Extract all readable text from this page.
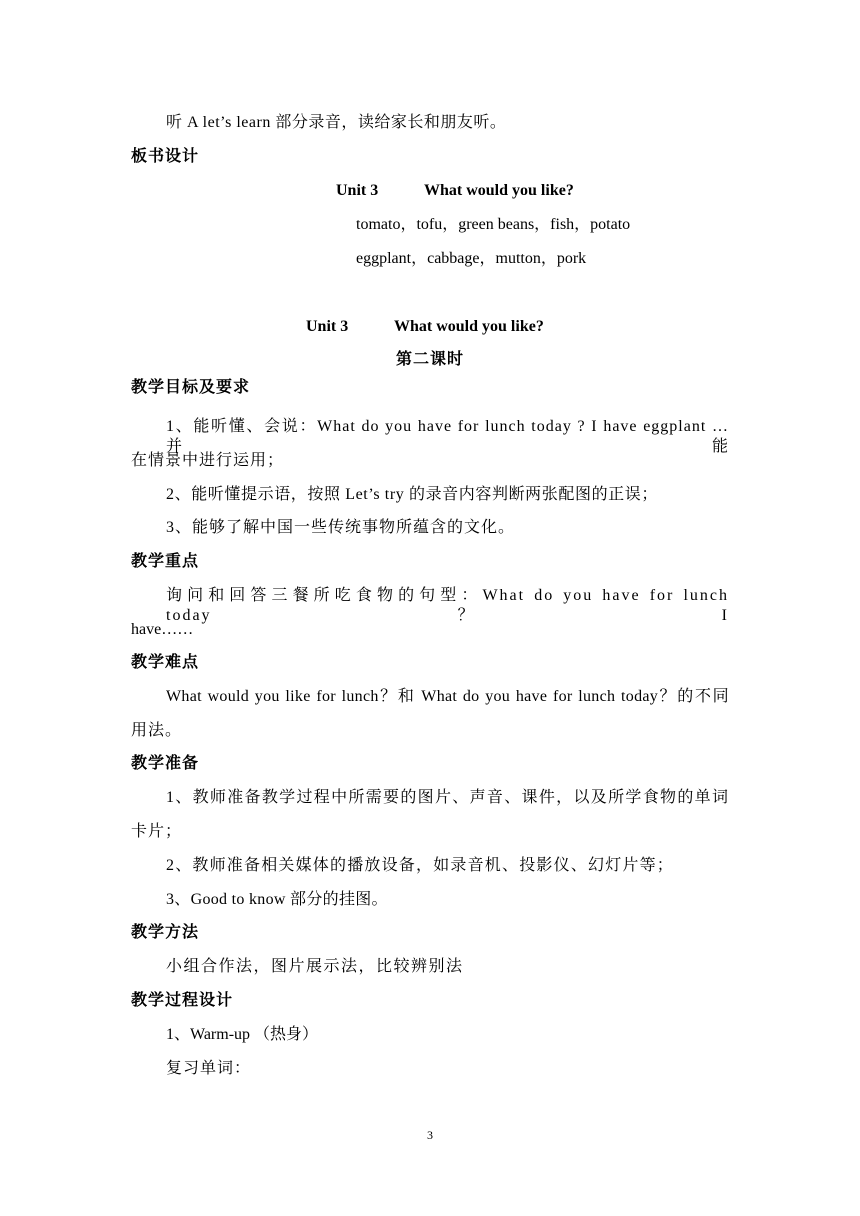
听 A let’s learn 部分录音，读给家长和朋友听。
板书设计
Unit 3	What would you like?
tomato，tofu，green beans，fish，potato
eggplant，cabbage，mutton，pork
Unit 3	What would you like?
第二课时
教学目标及要求
1、能听懂、会说：What do you have for lunch today ? I have eggplant …并能
在情景中进行运用；
2、能听懂提示语，按照 Let’s try 的录音内容判断两张配图的正误；
3、能够了解中国一些传统事物所蕴含的文化。
教学重点
询问和回答三餐所吃食物的句型：What do you have for lunch today？I
have……
教学难点
What would you like for lunch？和 What do you have for lunch today？的不同
用法。
教学准备
1、教师准备教学过程中所需要的图片、声音、课件，以及所学食物的单词
卡片；
2、教师准备相关媒体的播放设备，如录音机、投影仪、幻灯片等；
3、Good to know 部分的挂图。
教学方法
小组合作法，图片展示法，比较辨别法
教学过程设计
1、Warm-up （热身）
复习单词：
3
